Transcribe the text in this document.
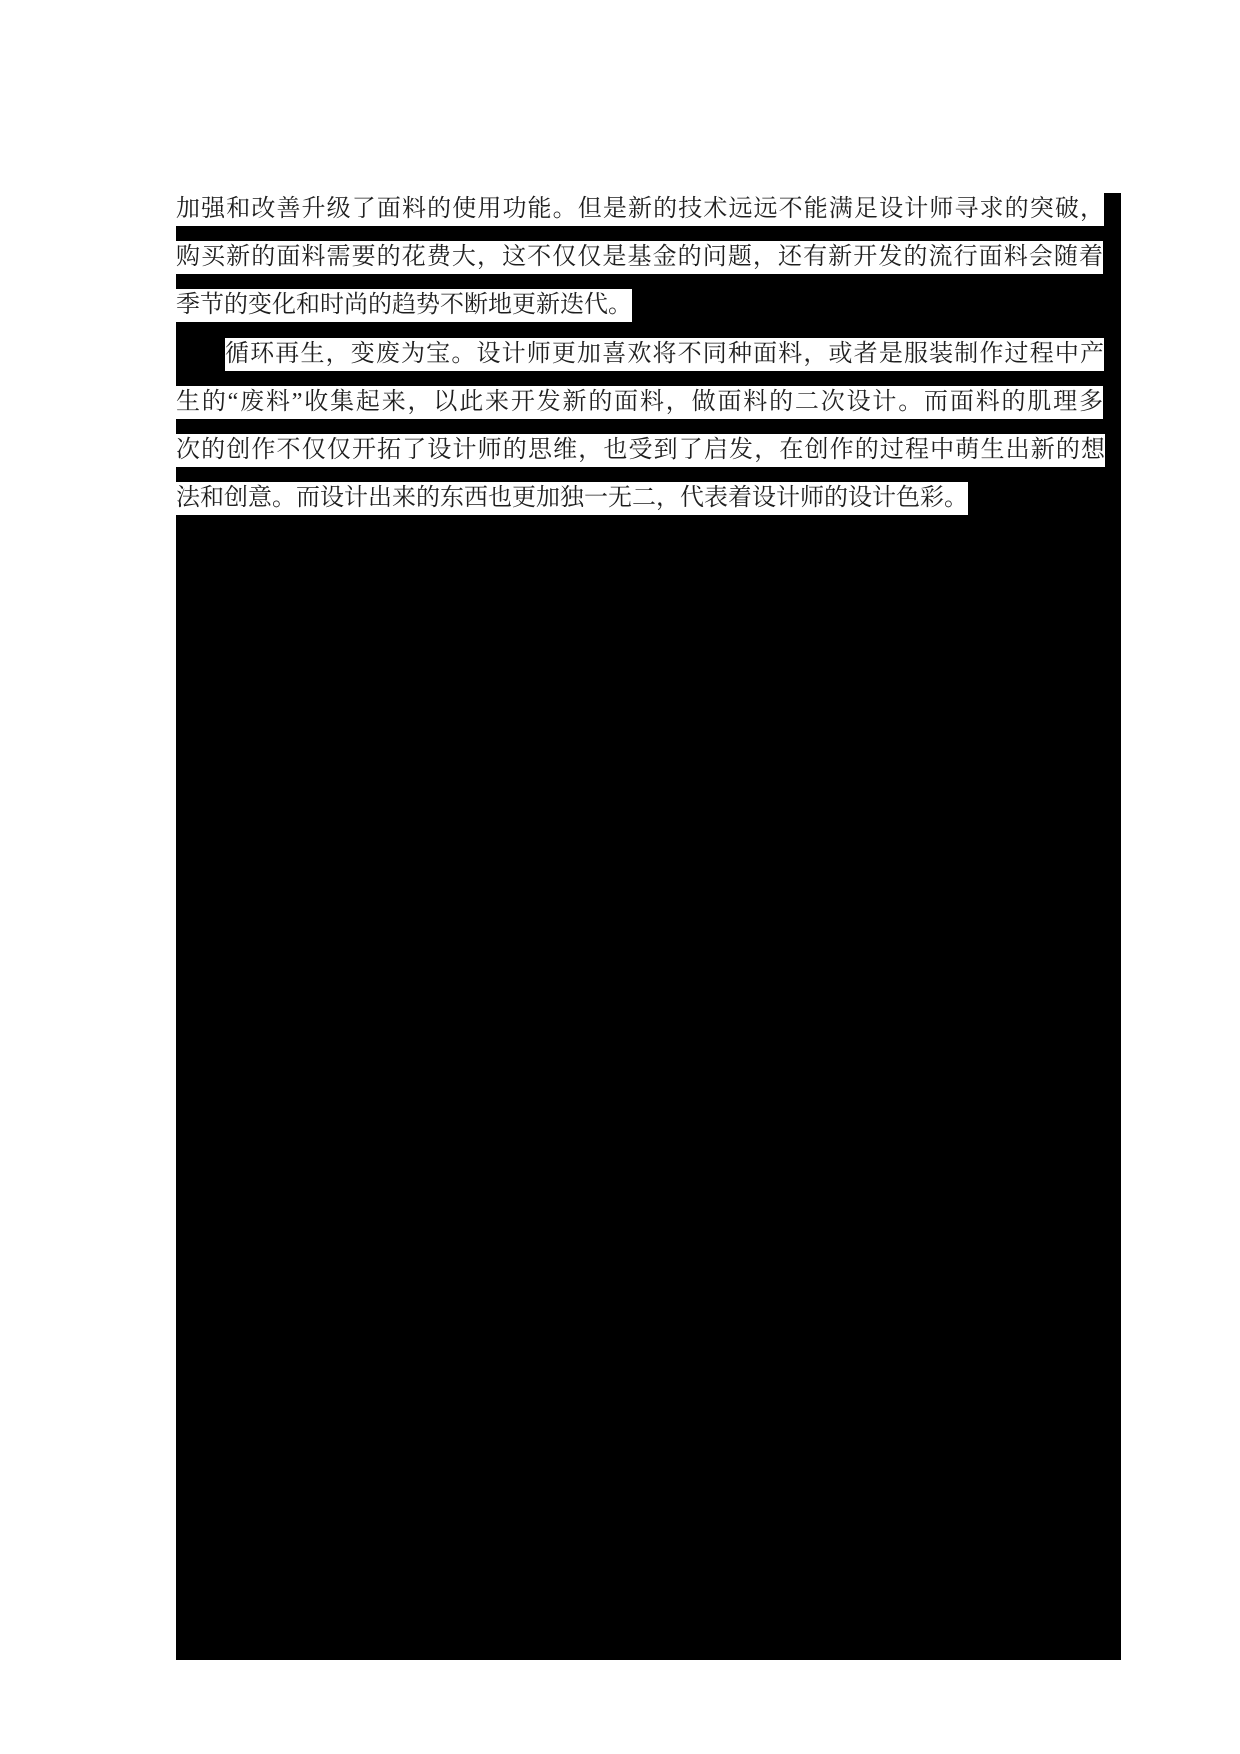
加强和改善升级了面料的使用功能。但是新的技术远远不能满足设计师寻求的突破，
购买新的面料需要的花费大，这不仅仅是基金的问题，还有新开发的流行面料会随着
季节的变化和时尚的趋势不断地更新迭代。
循环再生，变废为宝。设计师更加喜欢将不同种面料，或者是服装制作过程中产
生的“废料”收集起来，以此来开发新的面料，做面料的二次设计。而面料的肌理多
次的创作不仅仅开拓了设计师的思维，也受到了启发，在创作的过程中萌生出新的想
法和创意。而设计出来的东西也更加独一无二，代表着设计师的设计色彩。
